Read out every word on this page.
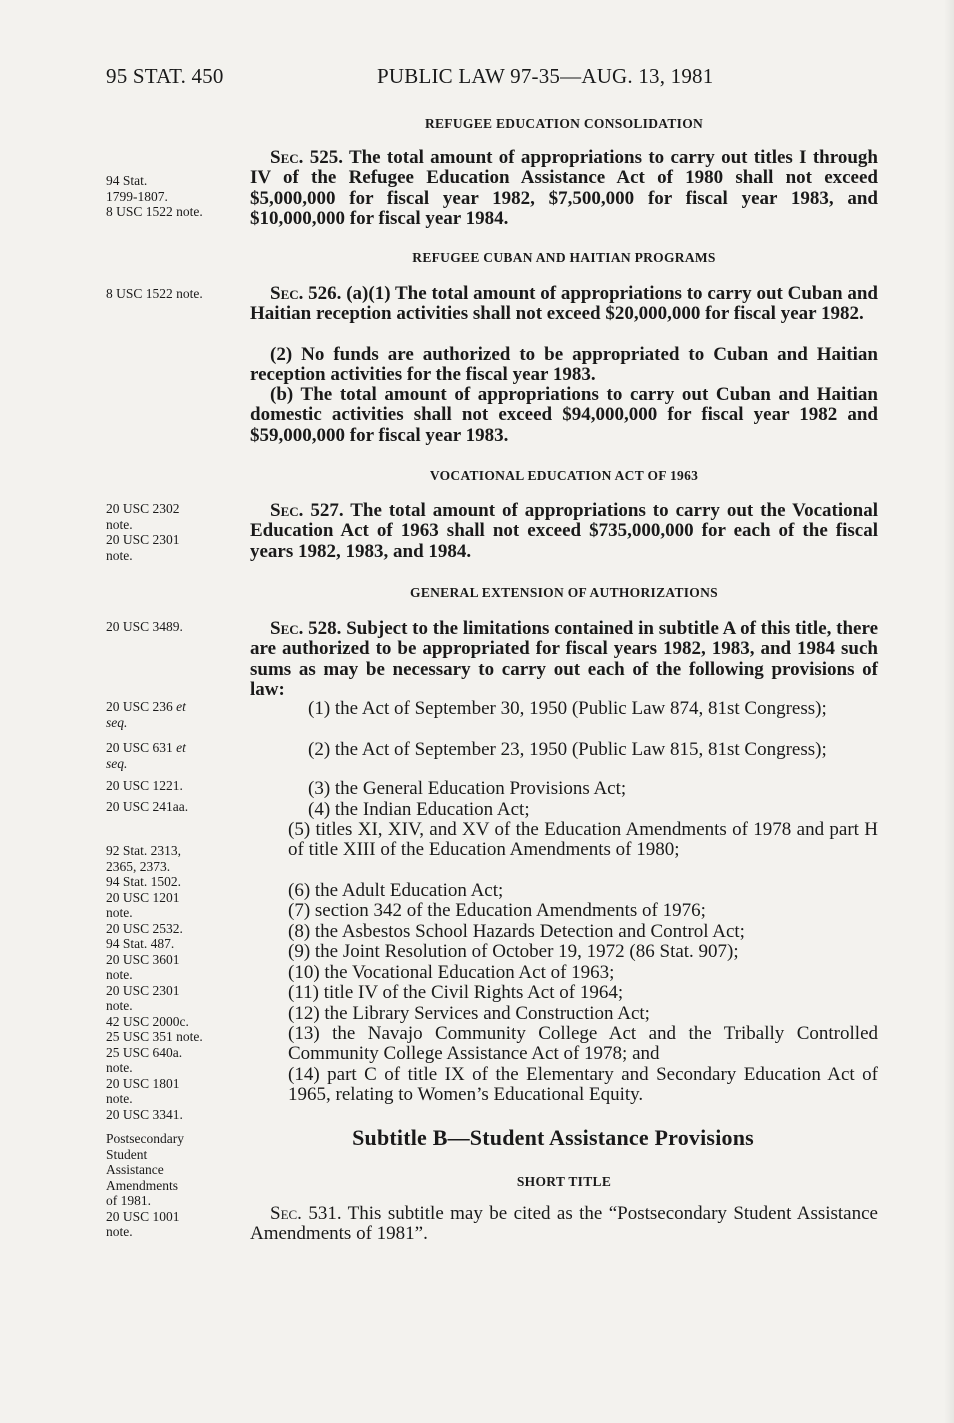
95 STAT. 450	PUBLIC LAW 97-35—AUG. 13, 1981
REFUGEE EDUCATION CONSOLIDATION
94 Stat.
1799-1807.
8 USC 1522 note.
Sec. 525. The total amount of appropriations to carry out titles I through IV of the Refugee Education Assistance Act of 1980 shall not exceed $5,000,000 for fiscal year 1982, $7,500,000 for fiscal year 1983, and $10,000,000 for fiscal year 1984.
REFUGEE CUBAN AND HAITIAN PROGRAMS
8 USC 1522 note.	Sec. 526. (a)(1) The total amount of appropriations to carry out Cuban and Haitian reception activities shall not exceed $20,000,000 for fiscal year 1982.
(2) No funds are authorized to be appropriated to Cuban and Haitian reception activities for the fiscal year 1983.
(b) The total amount of appropriations to carry out Cuban and Haitian domestic activities shall not exceed $94,000,000 for fiscal year 1982 and $59,000,000 for fiscal year 1983.
VOCATIONAL EDUCATION ACT OF 1963
20 USC 2302
note.
20 USC 2301
note.
Sec. 527. The total amount of appropriations to carry out the Vocational Education Act of 1963 shall not exceed $735,000,000 for each of the fiscal years 1982, 1983, and 1984.
GENERAL EXTENSION OF AUTHORIZATIONS
20 USC 3489.	Sec. 528. Subject to the limitations contained in subtitle A of this title, there are authorized to be appropriated for fiscal years 1982, 1983, and 1984 such sums as may be necessary to carry out each of the following provisions of law:
20 USC 236 et
seq.
20 USC 631 et
seq.
20 USC 1221.
20 USC 241aa.
92 Stat. 2313,
2365, 2373.
94 Stat. 1502.
20 USC 1201
note.
20 USC 2532.
94 Stat. 487.
20 USC 3601
note.
20 USC 2301
note.
42 USC 2000c.
25 USC 351 note.
25 USC 640a.
note.
20 USC 1801
note.
20 USC 3341.
(1) the Act of September 30, 1950 (Public Law 874, 81st Congress);
(2) the Act of September 23, 1950 (Public Law 815, 81st Congress);
(3) the General Education Provisions Act;
(4) the Indian Education Act;
(5) titles XI, XIV, and XV of the Education Amendments of 1978 and part H of title XIII of the Education Amendments of 1980;
(6) the Adult Education Act;
(7) section 342 of the Education Amendments of 1976;
(8) the Asbestos School Hazards Detection and Control Act;
(9) the Joint Resolution of October 19, 1972 (86 Stat. 907);
(10) the Vocational Education Act of 1963;
(11) title IV of the Civil Rights Act of 1964;
(12) the Library Services and Construction Act;
(13) the Navajo Community College Act and the Tribally Controlled Community College Assistance Act of 1978; and
(14) part C of title IX of the Elementary and Secondary Education Act of 1965, relating to Women’s Educational Equity.
Subtitle B—Student Assistance Provisions
SHORT TITLE
Postsecondary
Student
Assistance
Amendments
of 1981.
20 USC 1001
note.
Sec. 531. This subtitle may be cited as the “Postsecondary Student Assistance Amendments of 1981”.
